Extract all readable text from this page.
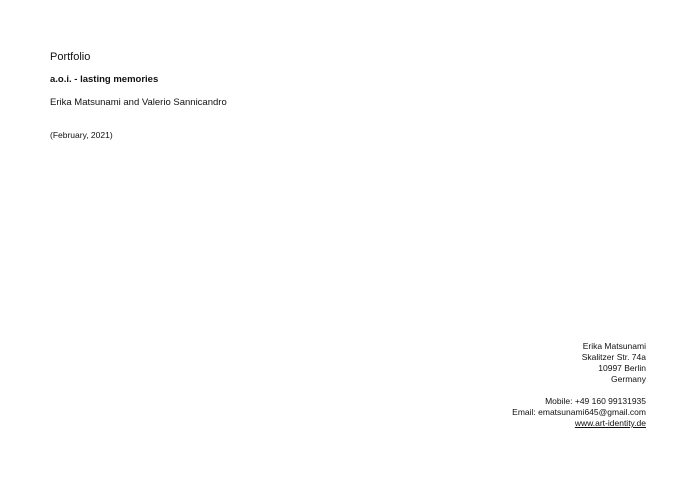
Portfolio
a.o.i. - lasting memories
Erika Matsunami and Valerio Sannicandro
(February, 2021)
Erika Matsunami
Skalitzer Str. 74a
10997 Berlin
Germany
Mobile: +49 160 99131935
Email: ematsunami645@gmail.com
www.art-identity.de
